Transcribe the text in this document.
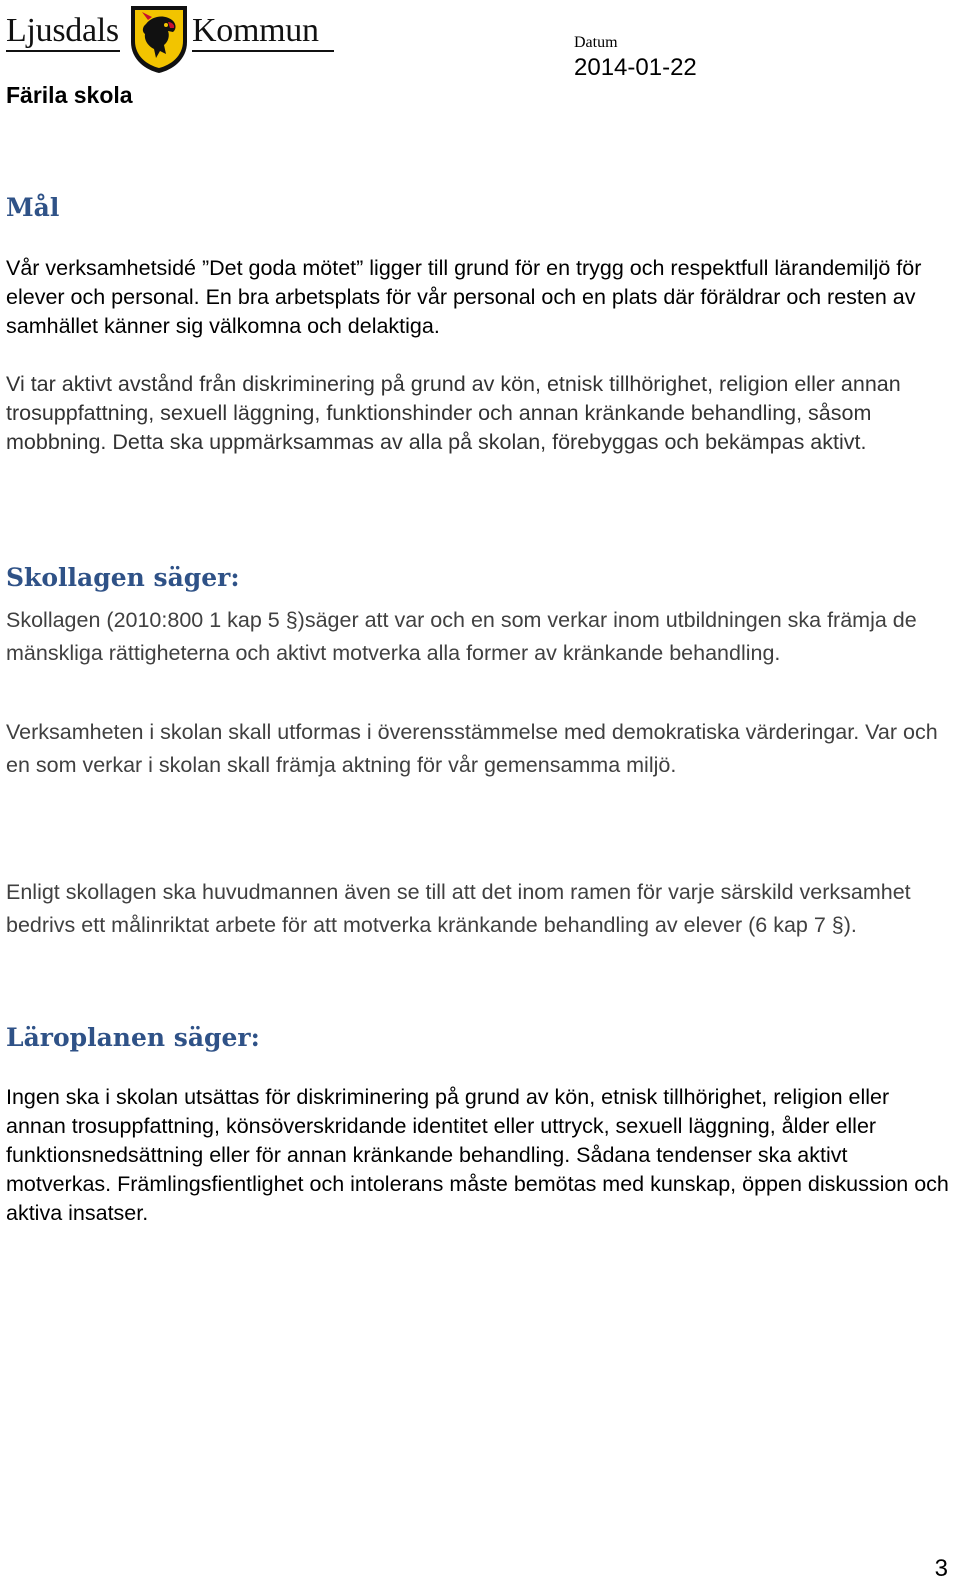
Ljusdals Kommun
Färila skola
Datum
2014-01-22
Mål

Vår verksamhetsidé ”Det goda mötet” ligger till grund för en trygg och respektfull lärandemiljö för elever och personal. En bra arbetsplats för vår personal och en plats där föräldrar och resten av samhället känner sig välkomna och delaktiga.

Vi tar aktivt avstånd från diskriminering på grund av kön, etnisk tillhörighet, religion eller annan trosuppfattning, sexuell läggning, funktionshinder och annan kränkande behandling, såsom mobbning. Detta ska uppmärksammas av alla på skolan, förebyggas och bekämpas aktivt.

Skollagen säger:

Skollagen (2010:800 1 kap 5 §)säger att var och en som verkar inom utbildningen ska främja de mänskliga rättigheterna och aktivt motverka alla former av kränkande behandling.

Verksamheten i skolan skall utformas i överensstämmelse med demokratiska värderingar. Var och en som verkar i skolan skall främja aktning för vår gemensamma miljö.

Enligt skollagen ska huvudmannen även se till att det inom ramen för varje särskild verksamhet bedrivs ett målinriktat arbete för att motverka kränkande behandling av elever (6 kap 7 §).

Läroplanen säger:

Ingen ska i skolan utsättas för diskriminering på grund av kön, etnisk tillhörighet, religion eller annan trosuppfattning, könsöverskridande identitet eller uttryck, sexuell läggning, ålder eller funktionsnedsättning eller för annan kränkande behandling. Sådana tendenser ska aktivt motverkas. Främlingsfientlighet och intolerans måste bemötas med kunskap, öppen diskussion och aktiva insatser.

3
